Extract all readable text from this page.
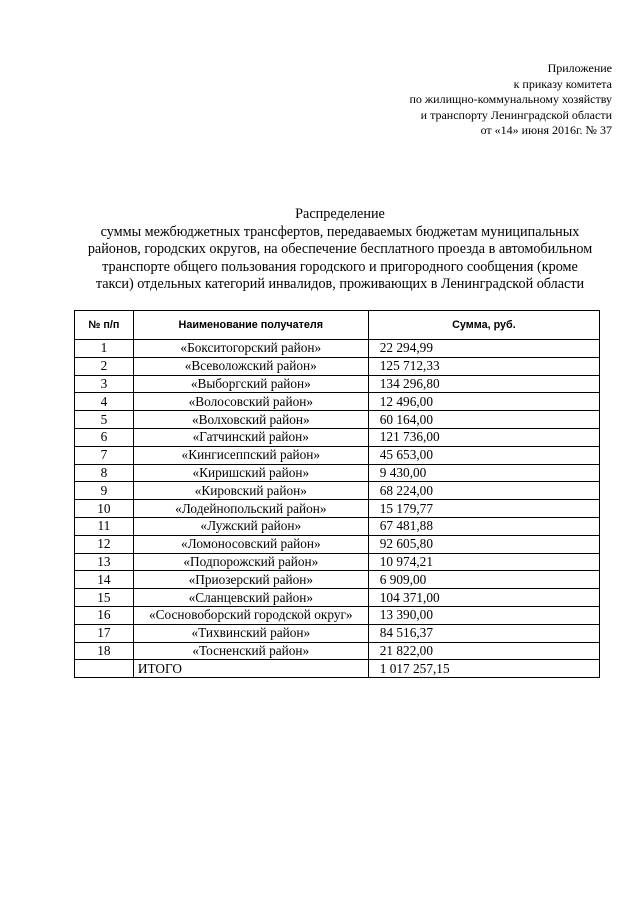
Приложение
к приказу комитета
по жилищно-коммунальному хозяйству
и транспорту Ленинградской области
от «14» июня 2016г. № 37
Распределение
суммы межбюджетных трансфертов, передаваемых бюджетам муниципальных
районов, городских округов, на обеспечение бесплатного проезда в автомобильном
транспорте общего пользования городского и пригородного сообщения (кроме
такси) отдельных категорий инвалидов, проживающих в Ленинградской области
№ п/п	Наименование получателя	Сумма, руб.
1	«Бокситогорский район»	22 294,99
2	«Всеволожский район»	125 712,33
3	«Выборгский район»	134 296,80
4	«Волосовский район»	12 496,00
5	«Волховский район»	60 164,00
6	«Гатчинский район»	121 736,00
7	«Кингисеппский район»	45 653,00
8	«Киришский район»	9 430,00
9	«Кировский район»	68 224,00
10	«Лодейнопольский район»	15 179,77
11	«Лужский район»	67 481,88
12	«Ломоносовский район»	92 605,80
13	«Подпорожский район»	10 974,21
14	«Приозерский район»	6 909,00
15	«Сланцевский район»	104 371,00
16	«Сосновоборский городской округ»	13 390,00
17	«Тихвинский район»	84 516,37
18	«Тосненский район»	21 822,00
	ИТОГО	1 017 257,15
